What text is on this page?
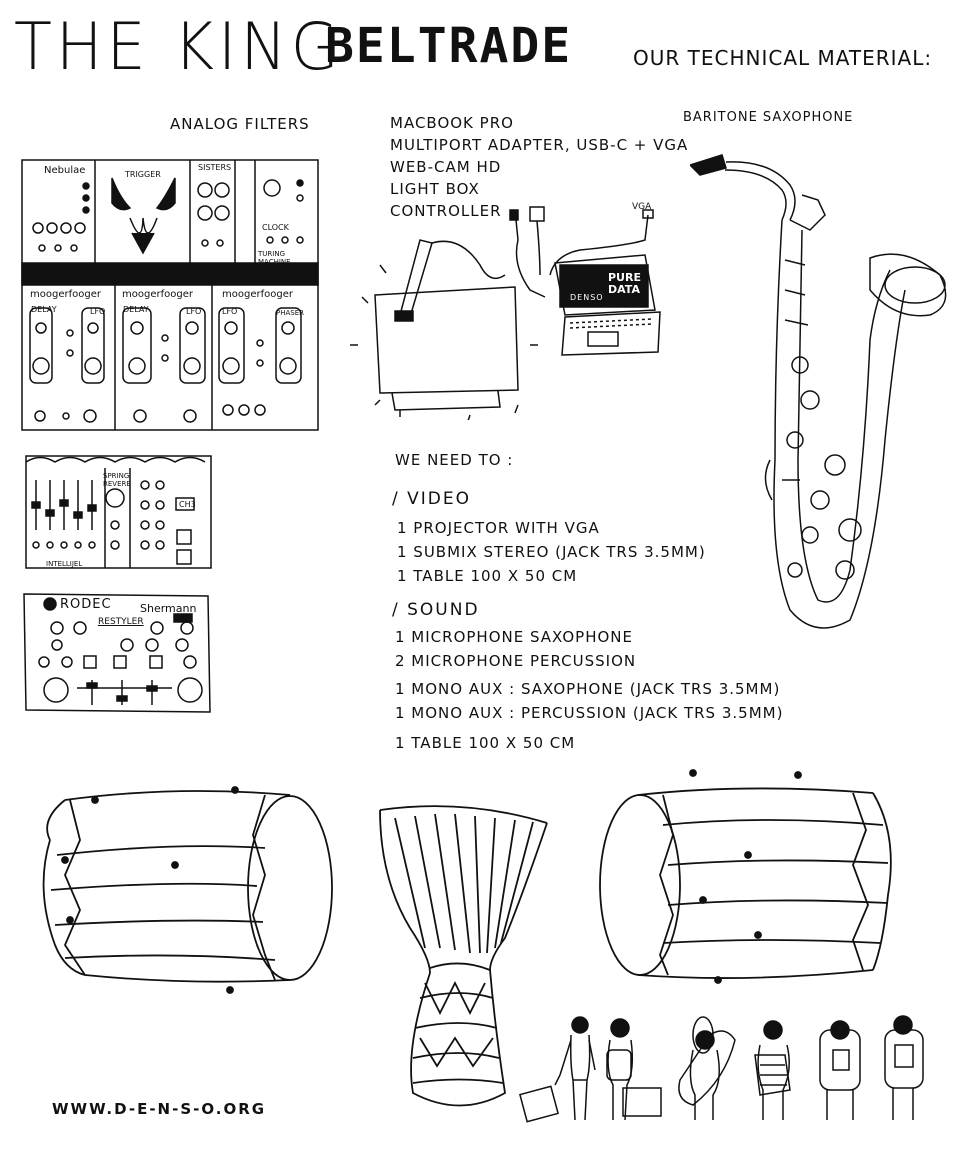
THE KING
BELTRADE	OUR TECHNICAL MATERIAL:
ANALOG FILTERS	BARITONE SAXOPHONE
MACBOOK PRO
MULTIPORT ADAPTER, USB-C + VGA
WEB-CAM HD
LIGHT BOX
CONTROLLER
Nebulae	TRIGGER
SISTERS
CLOCK
TURING MACHINE
moogerfooger moogerfooger	moogerfooger
DELAY	LFO DELAY	LFO	LFO	PHASER
SPRING REVERB
CH3
INTELLIJEL
RODEC	Shermann
RESTYLER
VGA
PURE DATA
DENSO
WE NEED TO :
/ VIDEO
1 PROJECTOR WITH VGA
1 SUBMIX STEREO (JACK TRS 3.5MM)
1 TABLE 100 X 50 CM
/ SOUND
1 MICROPHONE SAXOPHONE
2 MICROPHONE PERCUSSION
1 MONO AUX : SAXOPHONE (JACK TRS 3.5MM)
1 MONO AUX : PERCUSSION (JACK TRS 3.5MM)
1 TABLE 100 X 50 CM
WWW.D-E-N-S-O.ORG
